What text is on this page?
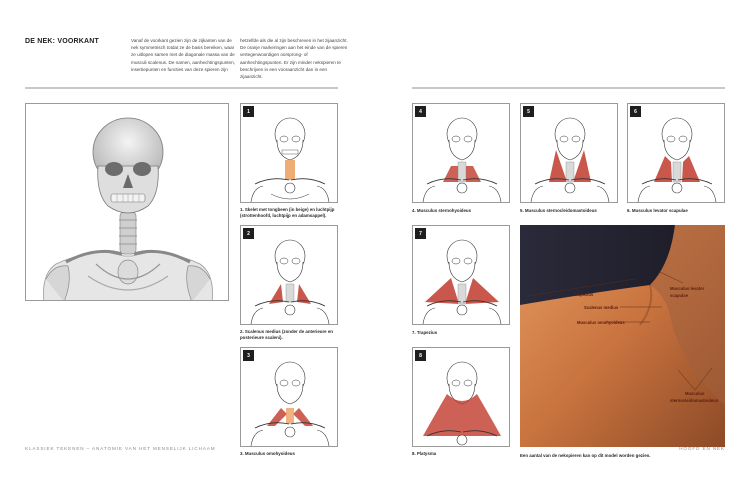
DE NEK: VOORKANT	Vanaf de voorkant gezien zijn de zijkanten van de nek symmetrisch totdat ze de basis bereiken, waar ze uitlopen samen met de diagonale massa van de musculi scalenus. De namen, aanhechtingspunten, insertiepunten en functies van deze spieren zijn
hetzelfde als die al zijn beschreven in het zijaanzicht. De oranje markeringen aan het einde van de spieren vertegenwoordigen oorsprong- of aanhechtingspunten. Er zijn minder nekspieren te beschrijven in een vooraanzicht dan in een zijaanzicht.
1
1. Skelet met tongbeen (in beige) en luchtpijp (strottenhoofd, luchtpijp en adamsappel).
2
2. Scalenus medius (zonder de anterieure en posterieure scaleni).
3
3. Musculus omohyoideus
4
4. Musculus sternohyoideus
5
5. Musculus sternocleidomastoideus
6
6. Musculus levator scapulae
7
7. Trapezius
8
8. Platysma
Trapezius
Scalenus medius
Musculus omohyoideus
Musculus levator
scapulae
Musculus
sternocleidomastoideus
Een aantal van de nekspieren kan op dit model worden gezien.
KLASSIEK TEKENEN – ANATOMIE VAN HET MENSELIJK LICHAAM	HOOFD EN NEK
